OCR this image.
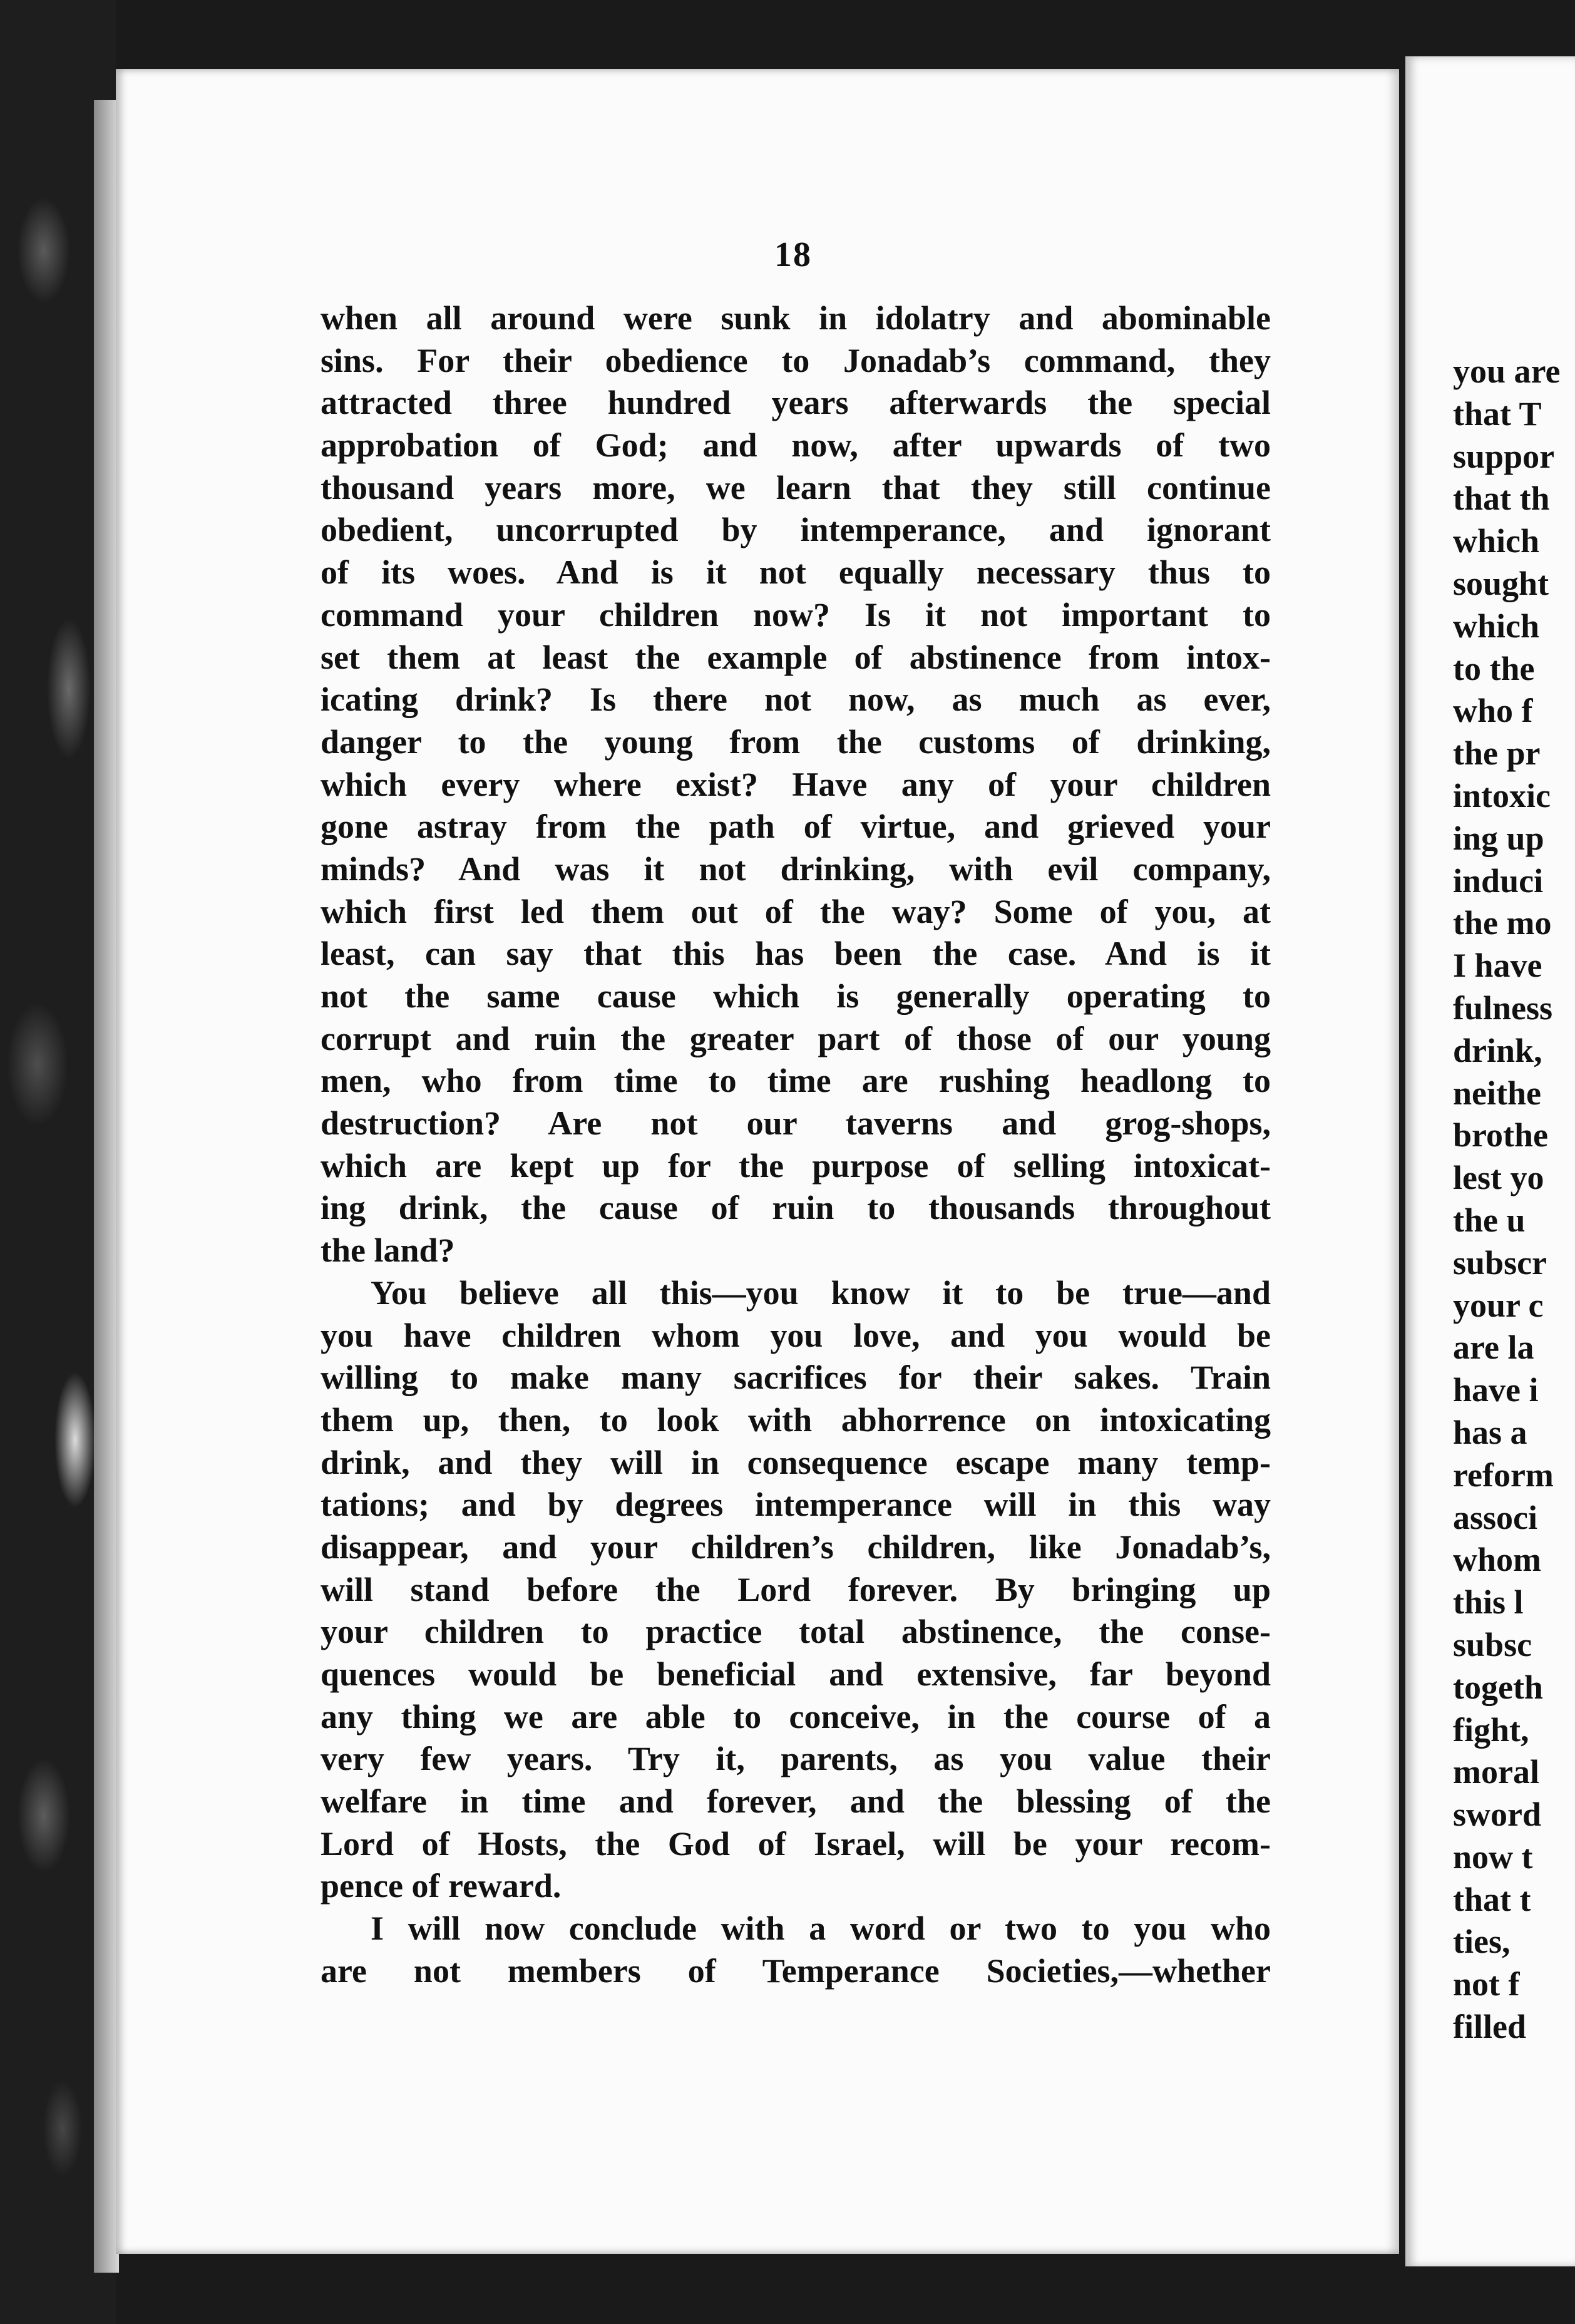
you are
that T
suppor
that th
which
sought
which
to the
who f
the pr
intoxic
ing up
induci
the mo
I have
fulness
drink,
neithe
brothe
lest yo
the u
subscr
your c
are la
have i
has a
reform
associ
whom
this l
subsc
togeth
fight,
moral
sword
now t
that t
ties,
not f
filled
18
when all around were sunk in idolatry and abominable
sins. For their obedience to Jonadab’s command, they
attracted three hundred years afterwards the special
approbation of God; and now, after upwards of two
thousand years more, we learn that they still continue
obedient, uncorrupted by intemperance, and ignorant
of its woes. And is it not equally necessary thus to
command your children now? Is it not important to
set them at least the example of abstinence from intox-
icating drink? Is there not now, as much as ever,
danger to the young from the customs of drinking,
which every where exist? Have any of your children
gone astray from the path of virtue, and grieved your
minds? And was it not drinking, with evil company,
which first led them out of the way? Some of you, at
least, can say that this has been the case. And is it
not the same cause which is generally operating to
corrupt and ruin the greater part of those of our young
men, who from time to time are rushing headlong to
destruction? Are not our taverns and grog-shops,
which are kept up for the purpose of selling intoxicat-
ing drink, the cause of ruin to thousands throughout
the land?
You believe all this—you know it to be true—and
you have children whom you love, and you would be
willing to make many sacrifices for their sakes. Train
them up, then, to look with abhorrence on intoxicating
drink, and they will in consequence escape many temp-
tations; and by degrees intemperance will in this way
disappear, and your children’s children, like Jonadab’s,
will stand before the Lord forever. By bringing up
your children to practice total abstinence, the conse-
quences would be beneficial and extensive, far beyond
any thing we are able to conceive, in the course of a
very few years. Try it, parents, as you value their
welfare in time and forever, and the blessing of the
Lord of Hosts, the God of Israel, will be your recom-
pence of reward.
I will now conclude with a word or two to you who
are not members of Temperance Societies,—whether
